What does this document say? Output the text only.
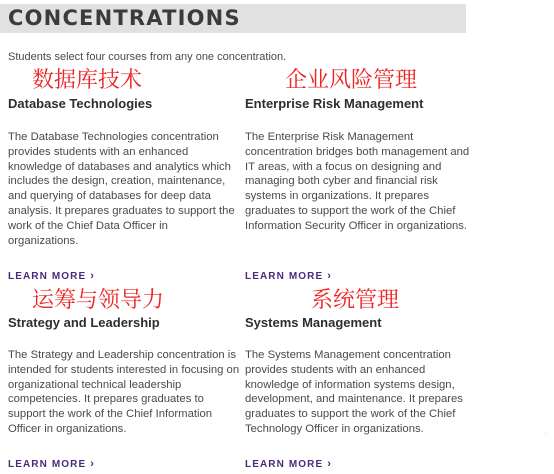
CONCENTRATIONS
Students select four courses from any one concentration.
数据库技术
Database Technologies

The Database Technologies concentration provides students with an enhanced knowledge of databases and analytics which includes the design, creation, maintenance, and querying of databases for deep data analysis. It prepares graduates to support the work of the Chief Data Officer in organizations.

LEARN MORE ›
企业风险管理
Enterprise Risk Management

The Enterprise Risk Management concentration bridges both management and IT areas, with a focus on designing and managing both cyber and financial risk systems in organizations. It prepares graduates to support the work of the Chief Information Security Officer in organizations.

LEARN MORE ›
运筹与领导力
Strategy and Leadership

The Strategy and Leadership concentration is intended for students interested in focusing on organizational technical leadership competencies. It prepares graduates to support the work of the Chief Information Officer in organizations.

LEARN MORE ›
系统管理
Systems Management

The Systems Management concentration provides students with an enhanced knowledge of information systems design, development, and maintenance. It prepares graduates to support the work of the Chief Technology Officer in organizations.

LEARN MORE ›
∵
